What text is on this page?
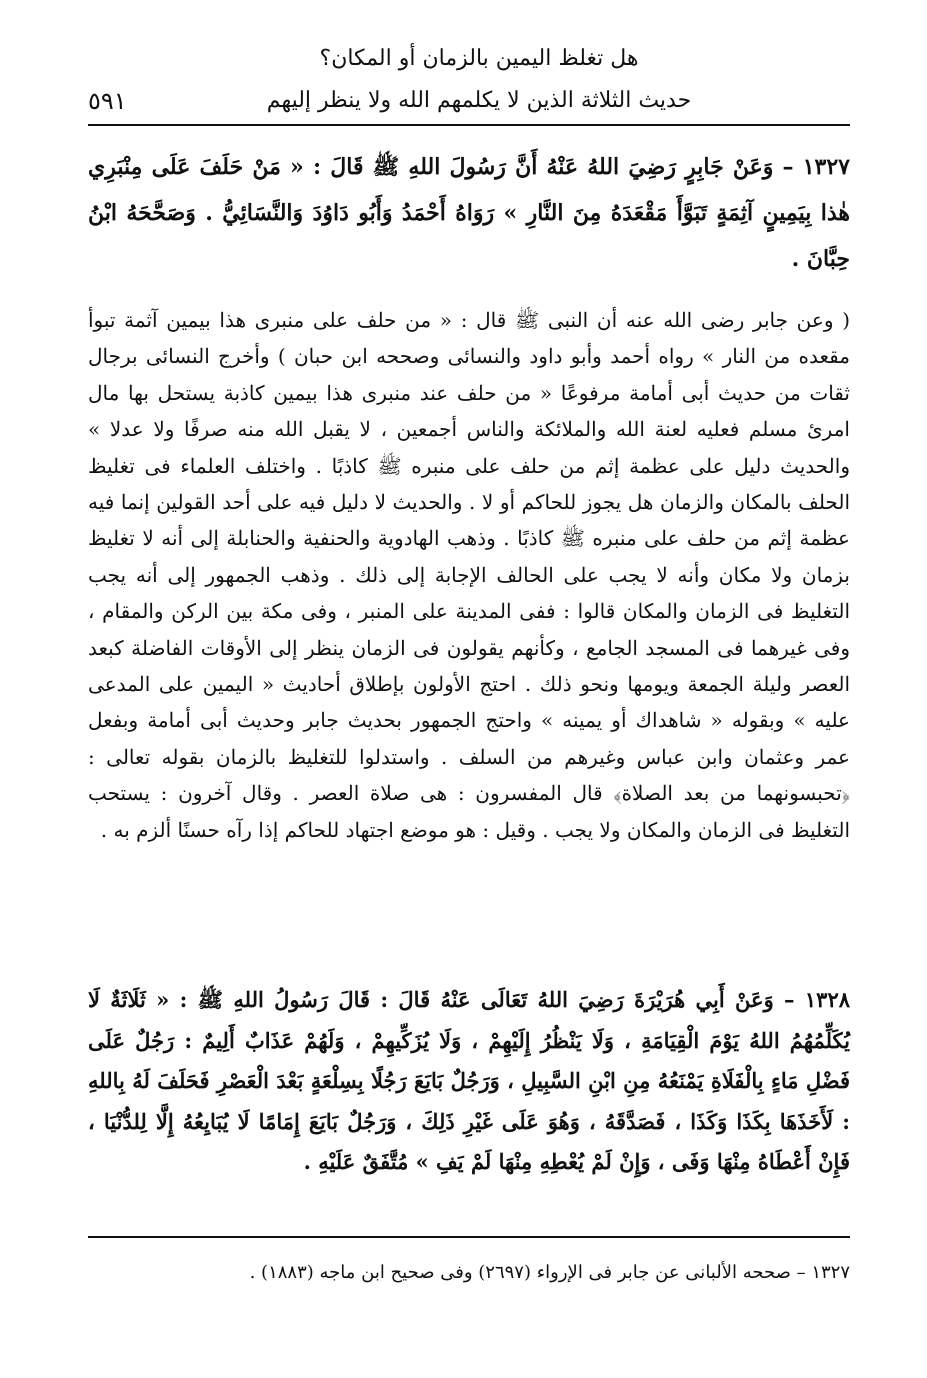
هل تغلظ اليمين بالزمان أو المكان؟
حديث الثلاثة الذين لا يكلمهم الله ولا ينظر إليهم
٥٩١
١٣٢٧ – وَعَنْ جَابِرٍ رَضِيَ اللهُ عَنْهُ أَنَّ رَسُولَ اللهِ ﷺ قَالَ : « مَنْ حَلَفَ عَلَى مِنْبَرِي هٰذا بِيَمِينٍ آثِمَةٍ تَبَوَّأَ مَقْعَدَهُ مِنَ النَّارِ » رَوَاهُ أَحْمَدُ وَأَبُو دَاوُدَ وَالنَّسَائِيُّ . وَصَحَّحَهُ ابْنُ حِبَّانَ .
( وعن جابر رضى الله عنه أن النبى ﷺ قال : « من حلف على منبرى هذا بيمين آثمة تبوأ مقعده من النار » رواه أحمد وأبو داود والنسائى وصححه ابن حبان ) وأخرج النسائى برجال ثقات من حديث أبى أمامة مرفوعًا « من حلف عند منبرى هذا بيمين كاذبة يستحل بها مال امرئ مسلم فعليه لعنة الله والملائكة والناس أجمعين ، لا يقبل الله منه صرفًا ولا عدلا » والحديث دليل على عظمة إثم من حلف على منبره ﷺ كاذبًا . واختلف العلماء فى تغليظ الحلف بالمكان والزمان هل يجوز للحاكم أو لا . والحديث لا دليل فيه على أحد القولين إنما فيه عظمة إثم من حلف على منبره ﷺ كاذبًا . وذهب الهادوية والحنفية والحنابلة إلى أنه لا تغليظ بزمان ولا مكان وأنه لا يجب على الحالف الإجابة إلى ذلك . وذهب الجمهور إلى أنه يجب التغليظ فى الزمان والمكان قالوا : ففى المدينة على المنبر ، وفى مكة بين الركن والمقام ، وفى غيرهما فى المسجد الجامع ، وكأنهم يقولون فى الزمان ينظر إلى الأوقات الفاضلة كبعد العصر وليلة الجمعة ويومها ونحو ذلك . احتج الأولون بإطلاق أحاديث « اليمين على المدعى عليه » وبقوله « شاهداك أو يمينه » واحتج الجمهور بحديث جابر وحديث أبى أمامة وبفعل عمر وعثمان وابن عباس وغيرهم من السلف . واستدلوا للتغليظ بالزمان بقوله تعالى : ﴿تحبسونهما من بعد الصلاة﴾ قال المفسرون : هى صلاة العصر . وقال آخرون : يستحب التغليظ فى الزمان والمكان ولا يجب . وقيل : هو موضع اجتهاد للحاكم إذا رآه حسنًا ألزم به .
١٣٢٨ – وَعَنْ أَبِي هُرَيْرَةَ رَضِيَ اللهُ تَعَالَى عَنْهُ قَالَ : قَالَ رَسُولُ اللهِ ﷺ : « ثَلَاثَةٌ لَا يُكَلِّمُهُمُ اللهُ يَوْمَ الْقِيَامَةِ ، وَلَا يَنْظُرُ إِلَيْهِمْ ، وَلَا يُزَكِّيهِمْ ، وَلَهُمْ عَذَابٌ أَلِيمٌ : رَجُلٌ عَلَى فَضْلِ مَاءٍ بِالْفَلَاةِ يَمْنَعُهُ مِنِ ابْنِ السَّبِيلِ ، وَرَجُلٌ بَايَعَ رَجُلًا بِسِلْعَةٍ بَعْدَ الْعَصْرِ فَحَلَفَ لَهُ بِاللهِ : لَأَخَذَهَا بِكَذَا وَكَذَا ، فَصَدَّقَهُ ، وَهُوَ عَلَى غَيْرِ ذَلِكَ ، وَرَجُلٌ بَايَعَ إِمَامًا لَا يُبَايِعُهُ إِلَّا لِلدُّنْيَا ، فَإِنْ أَعْطَاهُ مِنْهَا وَفَى ، وَإِنْ لَمْ يُعْطِهِ مِنْهَا لَمْ يَفِ » مُتَّفَقٌ عَلَيْهِ .
١٣٢٧ – صححه الألبانى عن جابر فى الإرواء (٢٦٩٧) وفى صحيح ابن ماجه (١٨٨٣) .
